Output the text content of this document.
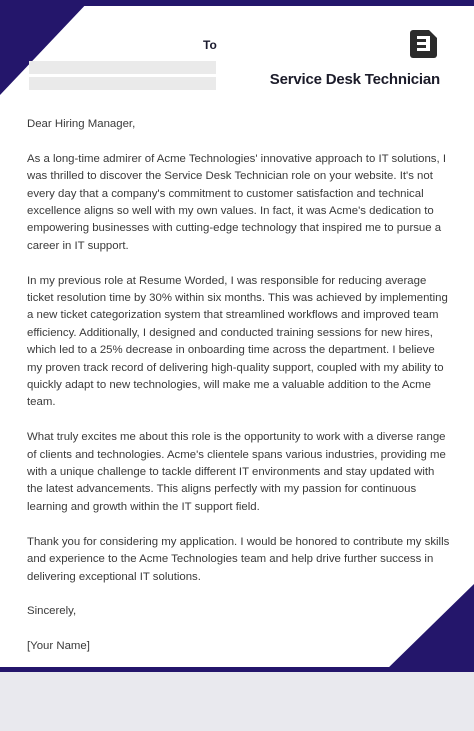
To
Service Desk Technician

Dear Hiring Manager,

As a long-time admirer of Acme Technologies' innovative approach to IT solutions, I was thrilled to discover the Service Desk Technician role on your website. It's not every day that a company's commitment to customer satisfaction and technical excellence aligns so well with my own values. In fact, it was Acme's dedication to empowering businesses with cutting-edge technology that inspired me to pursue a career in IT support.

In my previous role at Resume Worded, I was responsible for reducing average ticket resolution time by 30% within six months. This was achieved by implementing a new ticket categorization system that streamlined workflows and improved team efficiency. Additionally, I designed and conducted training sessions for new hires, which led to a 25% decrease in onboarding time across the department. I believe my proven track record of delivering high-quality support, coupled with my ability to quickly adapt to new technologies, will make me a valuable addition to the Acme team.

What truly excites me about this role is the opportunity to work with a diverse range of clients and technologies. Acme's clientele spans various industries, providing me with a unique challenge to tackle different IT environments and stay updated with the latest advancements. This aligns perfectly with my passion for continuous learning and growth within the IT support field.

Thank you for considering my application. I would be honored to contribute my skills and experience to the Acme Technologies team and help drive further success in delivering exceptional IT solutions.

Sincerely,

[Your Name]
